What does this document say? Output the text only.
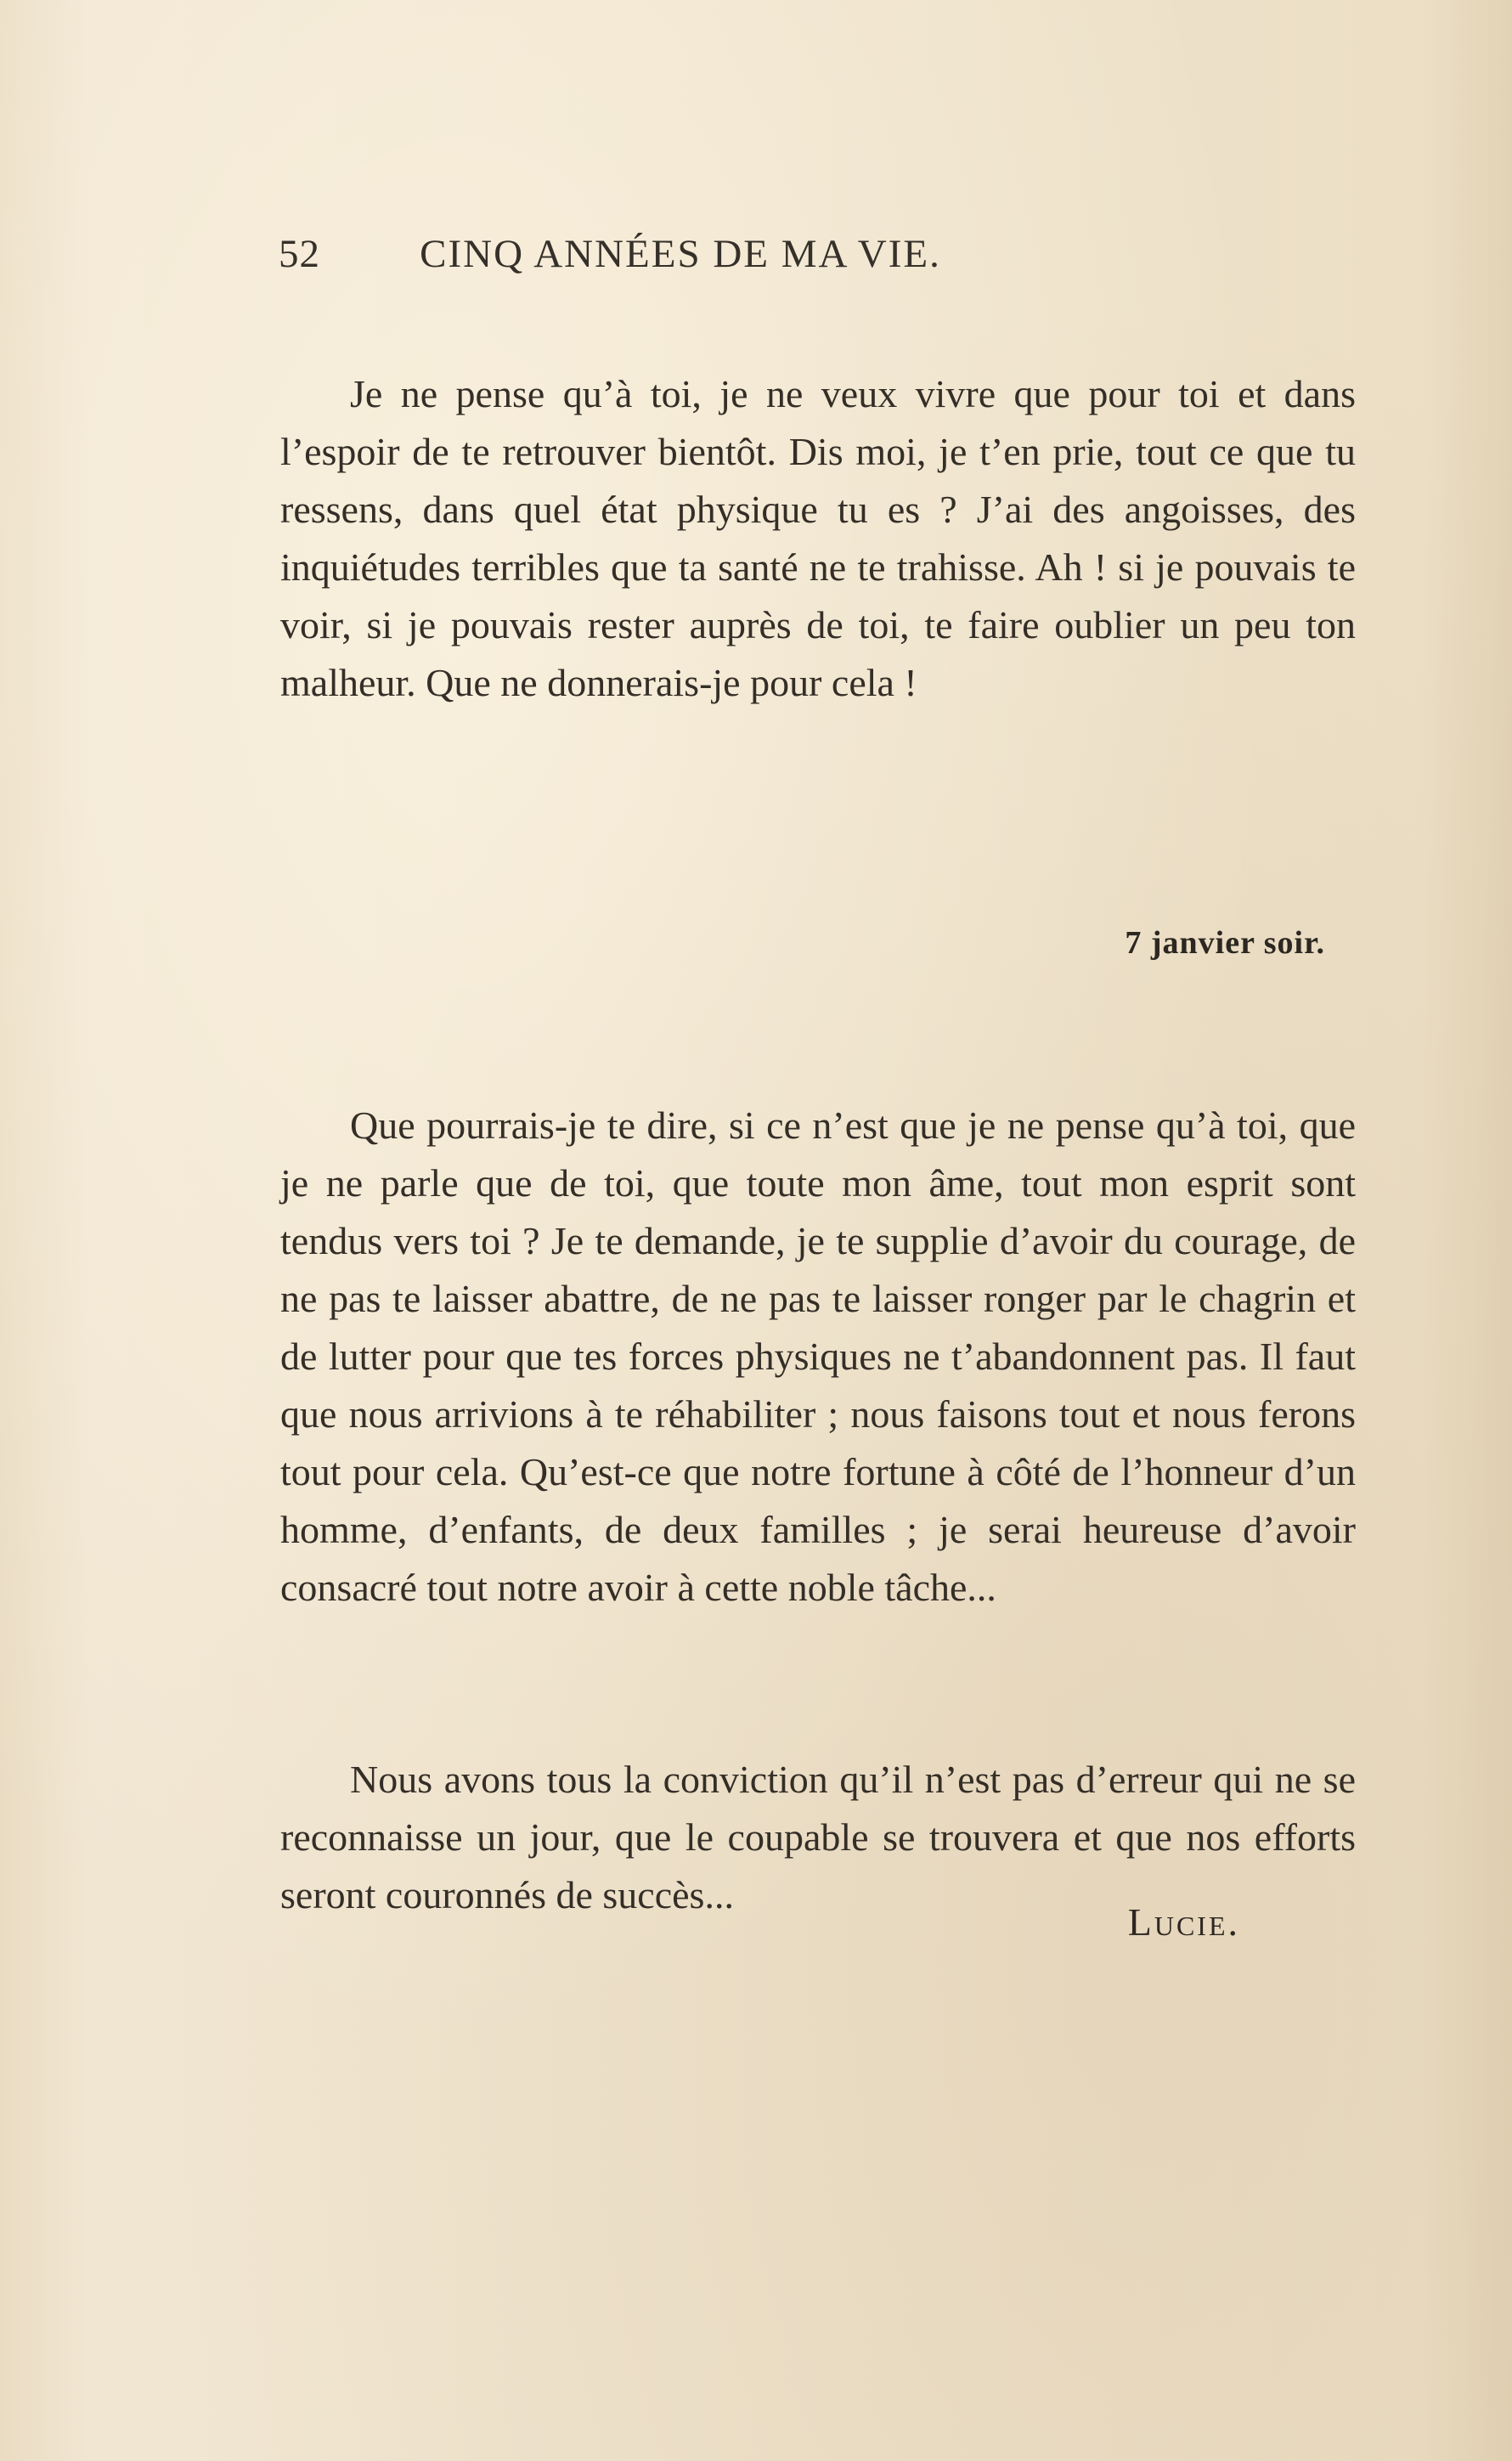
52	CINQ ANNÉES DE MA VIE.

Je ne pense qu’à toi, je ne veux vivre que pour toi et dans l’espoir de te retrouver bientôt. Dis moi, je t’en prie, tout ce que tu ressens, dans quel état physique tu es ? J’ai des angoisses, des inquiétudes terribles que ta santé ne te trahisse. Ah ! si je pouvais te voir, si je pouvais rester auprès de toi, te faire oublier un peu ton malheur. Que ne donnerais-je pour cela !

7 janvier soir.

Que pourrais-je te dire, si ce n’est que je ne pense qu’à toi, que je ne parle que de toi, que toute mon âme, tout mon esprit sont tendus vers toi ? Je te demande, je te supplie d’avoir du courage, de ne pas te laisser abattre, de ne pas te laisser ronger par le chagrin et de lutter pour que tes forces physiques ne t’abandonnent pas. Il faut que nous arrivions à te réhabiliter ; nous faisons tout et nous ferons tout pour cela. Qu’est-ce que notre fortune à côté de l’honneur d’un homme, d’enfants, de deux familles ; je serai heureuse d’avoir consacré tout notre avoir à cette noble tâche...

Nous avons tous la conviction qu’il n’est pas d’erreur qui ne se reconnaisse un jour, que le coupable se trouvera et que nos efforts seront couronnés de succès...

Lucie.
